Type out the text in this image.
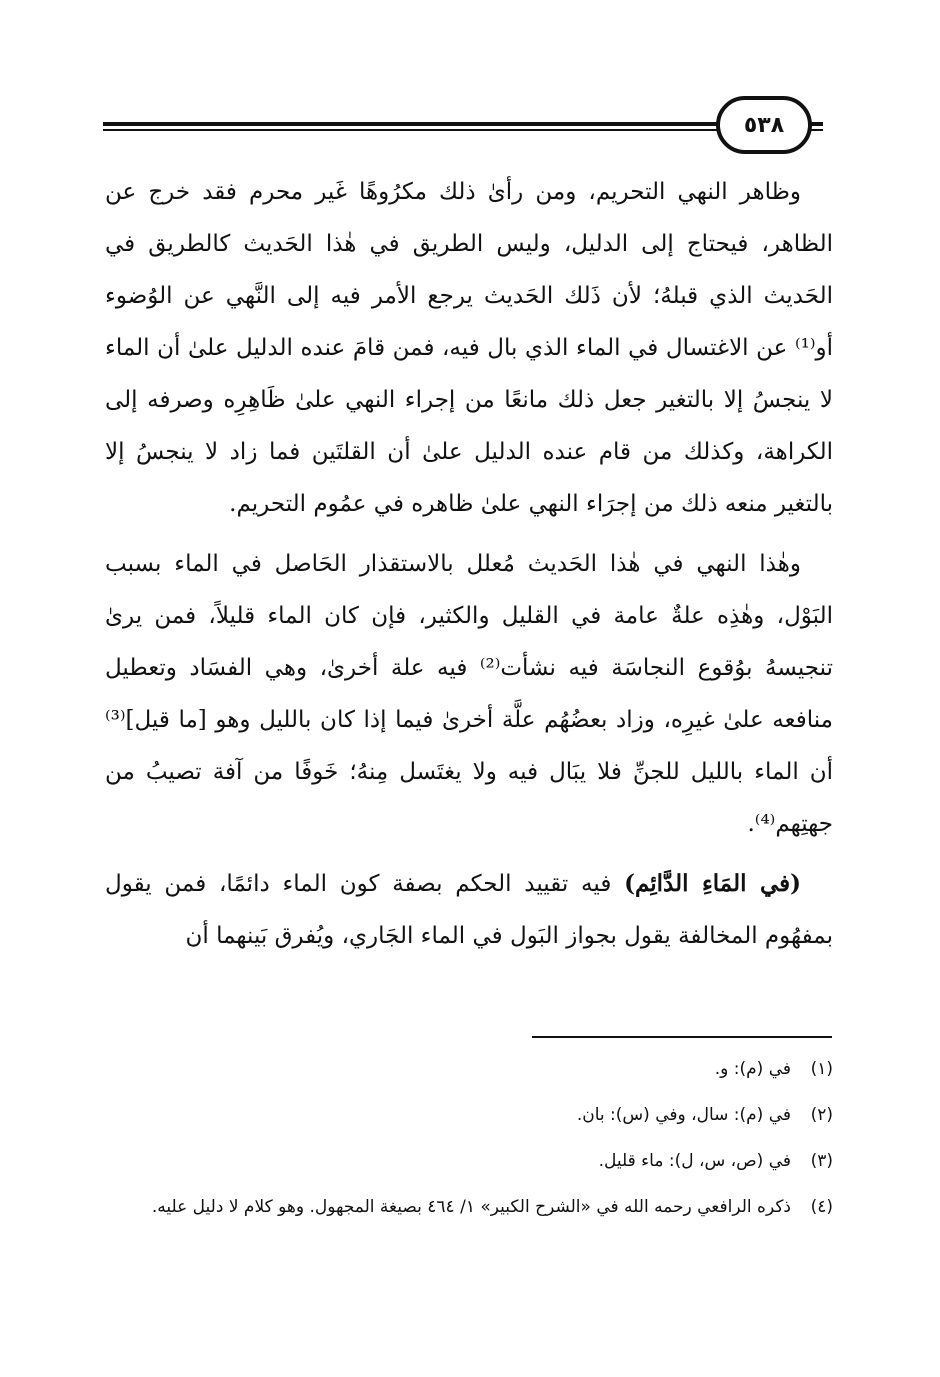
٥٣٨

وظاهر النهي التحريم، ومن رأىٰ ذلك مكرُوهًا غَير محرم فقد خرج عن الظاهر، فيحتاج إلى الدليل، وليس الطريق في هٰذا الحَديث كالطريق في الحَديث الذي قبلهُ؛ لأن ذَلك الحَديث يرجع الأمر فيه إلى النَّهي عن الوُضوء أو⁽¹⁾ عن الاغتسال في الماء الذي بال فيه، فمن قامَ عنده الدليل علىٰ أن الماء لا ينجسُ إلا بالتغير جعل ذلك مانعًا من إجراء النهي علىٰ ظَاهِرِه وصرفه إلى الكراهة، وكذلك من قام عنده الدليل علىٰ أن القلتَين فما زاد لا ينجسُ إلا بالتغير منعه ذلك من إجرَاء النهي علىٰ ظاهره في عمُوم التحريم.

وهٰذا النهي في هٰذا الحَديث مُعلل بالاستقذار الحَاصل في الماء بسبب البَوْل، وهٰذِه علةٌ عامة في القليل والكثير، فإن كان الماء قليلاً، فمن يرىٰ تنجيسهُ بوُقوع النجاسَة فيه نشأت⁽²⁾ فيه علة أخرىٰ، وهي الفسَاد وتعطيل منافعه علىٰ غيرِه، وزاد بعضُهُم علَّة أخرىٰ فيما إذا كان بالليل وهو [ما قيل]⁽³⁾ أن الماء بالليل للجنِّ فلا يبَال فيه ولا يغتَسل مِنهُ؛ خَوفًا من آفة تصيبُ من جهتِهم⁽⁴⁾.

(في المَاءِ الدَّائِم) فيه تقييد الحكم بصفة كون الماء دائمًا، فمن يقول بمفهُوم المخالفة يقول بجواز البَول في الماء الجَاري، ويُفرق بَينهما أن

(١)
في (م): و.
(٢)
في (م): سال، وفي (س): بان.
(٣)
في (ص، س، ل): ماء قليل.
(٤)
ذكره الرافعي رحمه الله في «الشرح الكبير» ١/ ٤٦٤ بصيغة المجهول. وهو كلام لا دليل عليه.
